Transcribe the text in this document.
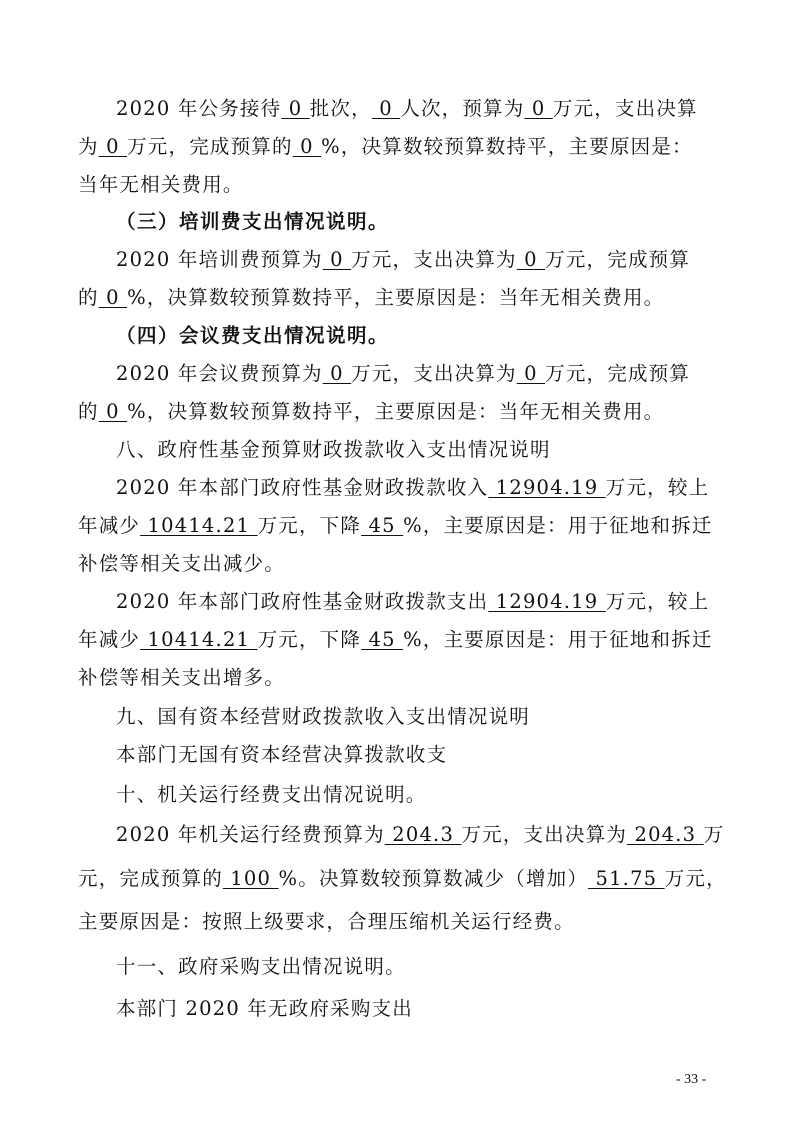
2020 年公务接待 0 批次， 0 人次，预算为 0 万元，支出决算
为 0 万元，完成预算的 0 %，决算数较预算数持平，主要原因是：
当年无相关费用。
（三）培训费支出情况说明。
2020 年培训费预算为 0 万元，支出决算为 0 万元，完成预算
的 0 %，决算数较预算数持平，主要原因是：当年无相关费用。
（四）会议费支出情况说明。
2020 年会议费预算为 0 万元，支出决算为 0 万元，完成预算
的 0 %，决算数较预算数持平，主要原因是：当年无相关费用。
八、政府性基金预算财政拨款收入支出情况说明
2020 年本部门政府性基金财政拨款收入 12904.19 万元，较上
年减少 10414.21 万元，下降 45 %，主要原因是：用于征地和拆迁
补偿等相关支出减少。
2020 年本部门政府性基金财政拨款支出 12904.19 万元，较上
年减少 10414.21 万元，下降 45 %，主要原因是：用于征地和拆迁
补偿等相关支出增多。
九、国有资本经营财政拨款收入支出情况说明
本部门无国有资本经营决算拨款收支
十、机关运行经费支出情况说明。
2020 年机关运行经费预算为 204.3 万元，支出决算为 204.3 万
元，完成预算的 100 %。决算数较预算数减少（增加） 51.75 万元，
主要原因是：按照上级要求，合理压缩机关运行经费。
十一、政府采购支出情况说明。
本部门 2020 年无政府采购支出
- 33 -
